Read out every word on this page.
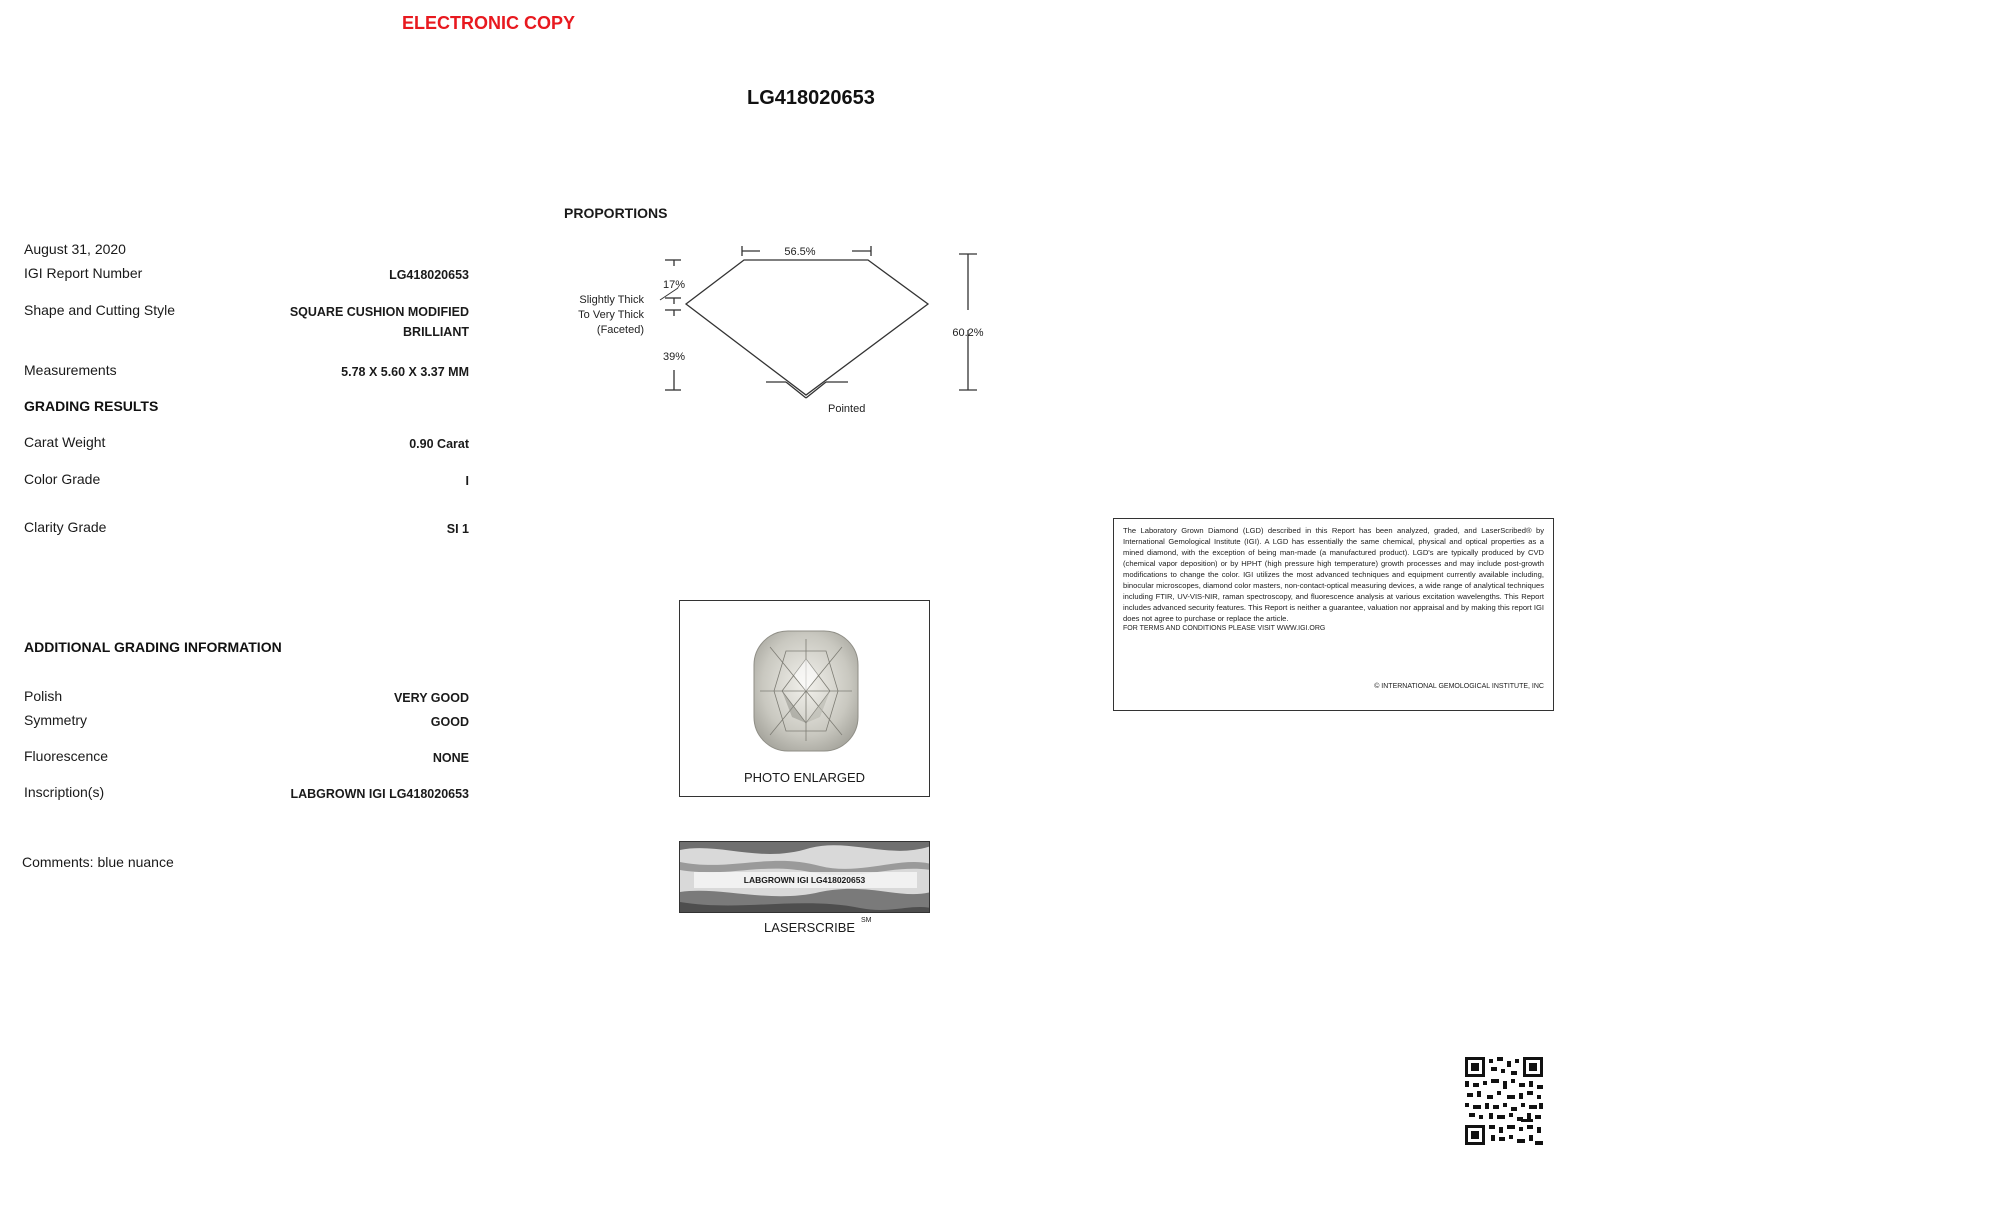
ELECTRONIC COPY
LG418020653
August 31, 2020
IGI Report Number	LG418020653
Shape and Cutting Style	SQUARE CUSHION MODIFIED
BRILLIANT
Measurements	5.78 X 5.60 X 3.37 MM
GRADING RESULTS
Carat Weight	0.90 Carat
Color Grade	I
Clarity Grade	SI 1
ADDITIONAL GRADING INFORMATION
Polish	VERY GOOD
Symmetry	GOOD
Fluorescence	NONE
Inscription(s)	LABGROWN IGI LG418020653
Comments: blue nuance
PROPORTIONS
56.5%
17%
39%
60.2%
Slightly Thick
To Very Thick
(Faceted)
Pointed
PHOTO ENLARGED
LABGROWN IGI LG418020653
LASERSCRIBE SM
The Laboratory Grown Diamond (LGD) described in this Report has been analyzed, graded, and LaserScribed® by International Gemological Institute (IGI). A LGD has essentially the same chemical, physical and optical properties as a mined diamond, with the exception of being man-made (a manufactured product). LGD's are typically produced by CVD (chemical vapor deposition) or by HPHT (high pressure high temperature) growth processes and may include post-growth modifications to change the color. IGI utilizes the most advanced techniques and equipment currently available including, binocular microscopes, diamond color masters, non-contact-optical measuring devices, a wide range of analytical techniques including FTIR, UV-VIS-NIR, raman spectroscopy, and fluorescence analysis at various excitation wavelengths. This Report includes advanced security features. This Report is neither a guarantee, valuation nor appraisal and by making this report IGI does not agree to purchase or replace the article.
FOR TERMS AND CONDITIONS PLEASE VISIT WWW.IGI.ORG
© INTERNATIONAL GEMOLOGICAL INSTITUTE, INC
